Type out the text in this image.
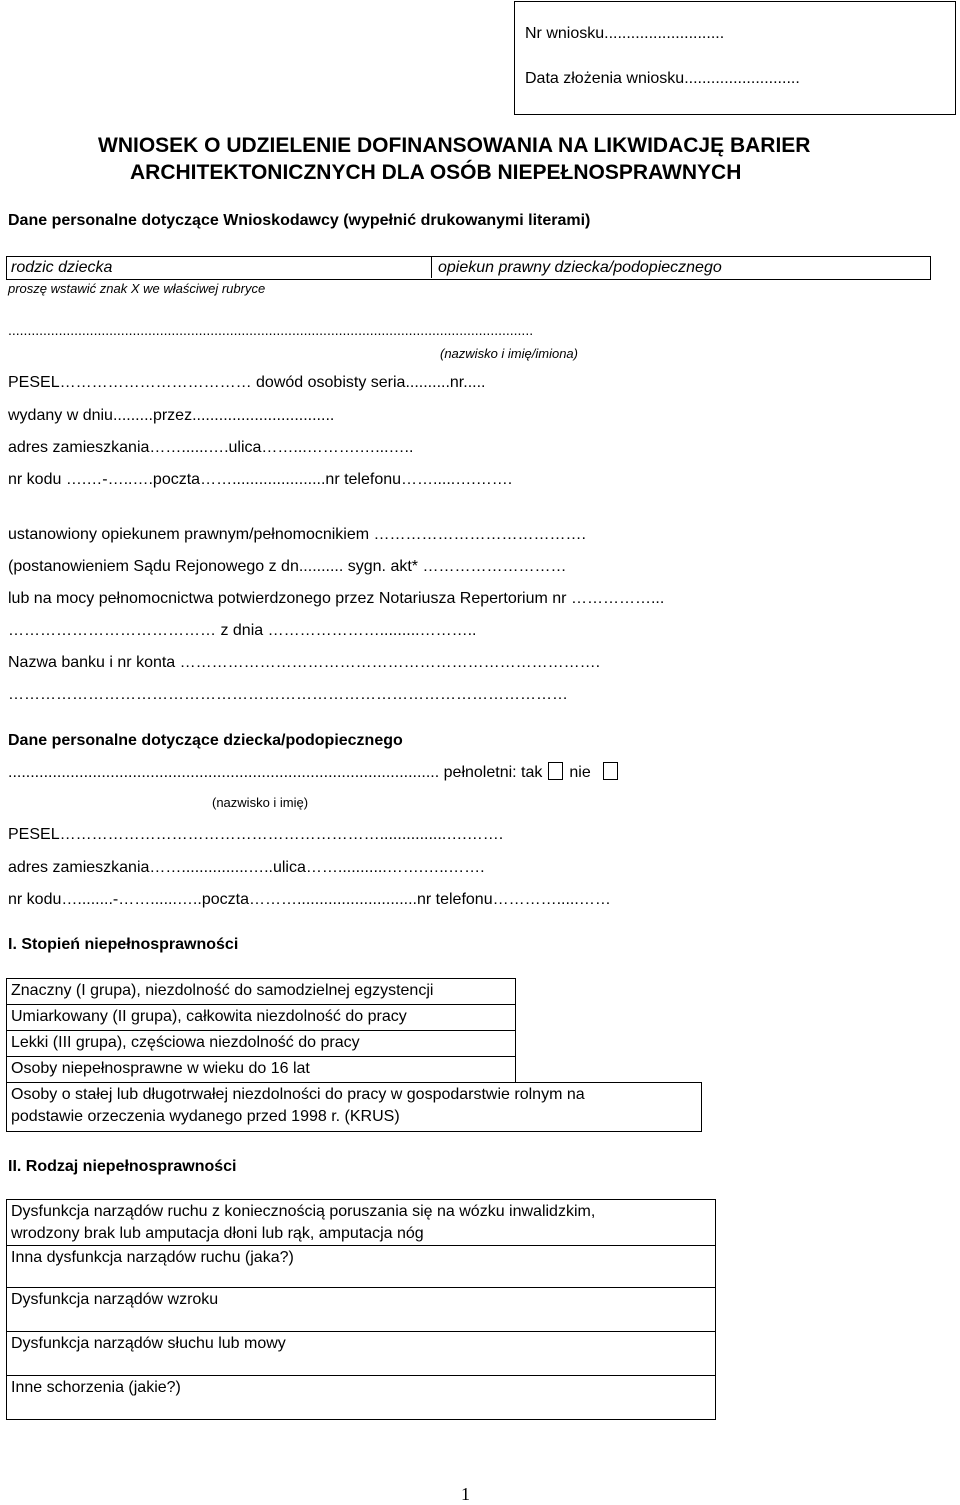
Nr wniosku...........................
Data złożenia wniosku..........................
WNIOSEK O UDZIELENIE DOFINANSOWANIA NA LIKWIDACJĘ BARIER
ARCHITEKTONICZNYCH DLA OSÓB NIEPEŁNOSPRAWNYCH
Dane personalne dotyczące Wnioskodawcy (wypełnić drukowanymi literami)
rodzic dziecka	opiekun prawny dziecka/podopiecznego
proszę wstawić znak X we właściwej rubryce
.......................................................................................................................................
(nazwisko i imię/imiona)
PESEL……………………………… dowód osobisty seria..........nr.....
wydany w dniu.........przez................................
adres zamieszkania……......….ulica……...……….…...…..
nr kodu ….…-…..….poczta…….....................nr telefonu…….....….…….
ustanowiony opiekunem prawnym/pełnomocnikiem ………………………………….
(postanowieniem Sądu Rejonowego z dn.......... sygn. akt* ………………………
lub na mocy pełnomocnictwa potwierdzonego przez Notariusza Repertorium nr ……………...
………………………………… z dnia ………………….........………..
Nazwa banku i nr konta …………………………………………………………………….
……………………………………………………………………………………………
Dane personalne dotyczące dziecka/podopiecznego
................................................................................................. pełnoletni: tak nie
(nazwisko i imię)
PESEL……………………………………………………...............….…….
adres zamieszkania……...............…..ulica……...........…….…..…….
nr kodu…........-……......…..poczta………...........................nr telefonu………….....……
I. Stopień niepełnosprawności
Znaczny (I grupa), niezdolność do samodzielnej egzystencji
Umiarkowany (II grupa), całkowita niezdolność do pracy
Lekki (III grupa), częściowa niezdolność do pracy
Osoby niepełnosprawne w wieku do 16 lat
Osoby o stałej lub długotrwałej niezdolności do pracy w gospodarstwie rolnym na
podstawie orzeczenia wydanego przed 1998 r. (KRUS)
II. Rodzaj niepełnosprawności
Dysfunkcja narządów ruchu z koniecznością poruszania się na wózku inwalidzkim,
wrodzony brak lub amputacja dłoni lub rąk, amputacja nóg
Inna dysfunkcja narządów ruchu (jaka?)
Dysfunkcja narządów wzroku
Dysfunkcja narządów słuchu lub mowy
Inne schorzenia (jakie?)
1
